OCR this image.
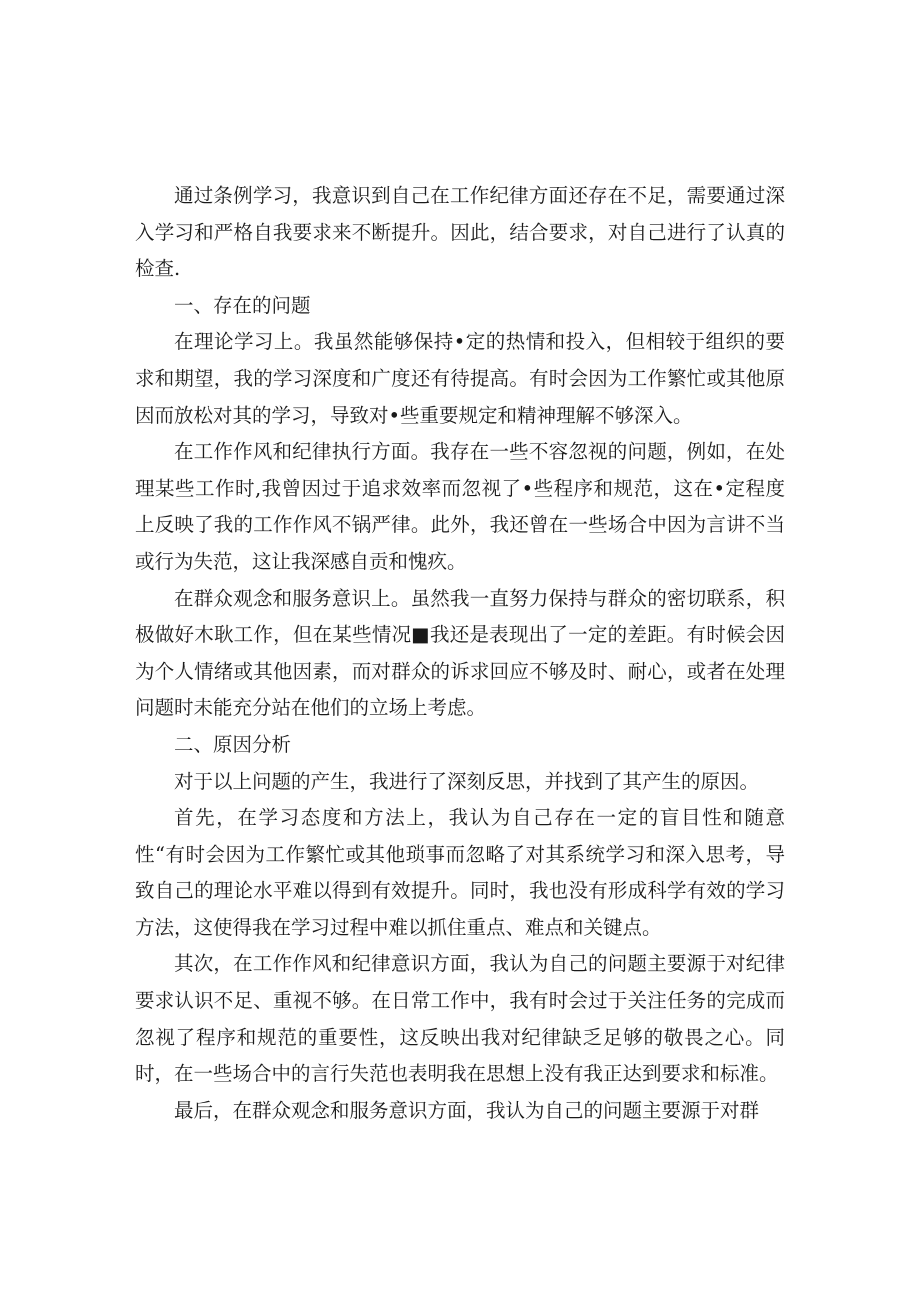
通过条例学习，我意识到自己在工作纪律方面还存在不足，需要通过深入学习和严格自我要求来不断提升。因此，结合要求，对自己进行了认真的检查.

一、存在的问题

在理论学习上。我虽然能够保持•定的热情和投入，但相较于组织的要求和期望，我的学习深度和广度还有待提高。有时会因为工作繁忙或其他原因而放松对其的学习，导致对•些重要规定和精神理解不够深入。

在工作作风和纪律执行方面。我存在一些不容忽视的问题，例如，在处理某些工作时,我曾因过于追求效率而忽视了•些程序和规范，这在•定程度上反映了我的工作作风不锅严律。此外，我还曾在一些场合中因为言讲不当或行为失范，这让我深感自贡和愧疚。

在群众观念和服务意识上。虽然我一直努力保持与群众的密切联系，积极做好木耿工作，但在某些情况■我还是表现出了一定的差距。有时候会因为个人情绪或其他因素，而对群众的诉求回应不够及时、耐心，或者在处理问题时未能充分站在他们的立场上考虑。

二、原因分析

对于以上问题的产生，我进行了深刻反思，并找到了其产生的原因。

首先，在学习态度和方法上，我认为自己存在一定的盲目性和随意性“有时会因为工作繁忙或其他琐事而忽略了对其系统学习和深入思考，导致自己的理论水平难以得到有效提升。同时，我也没有形成科学有效的学习方法，这使得我在学习过程中难以抓住重点、难点和关键点。

其次，在工作作风和纪律意识方面，我认为自己的问题主要源于对纪律要求认识不足、重视不够。在日常工作中，我有时会过于关注任务的完成而忽视了程序和规范的重要性，这反映出我对纪律缺乏足够的敬畏之心。同时，在一些场合中的言行失范也表明我在思想上没有我正达到要求和标准。

最后，在群众观念和服务意识方面，我认为自己的问题主要源于对群
